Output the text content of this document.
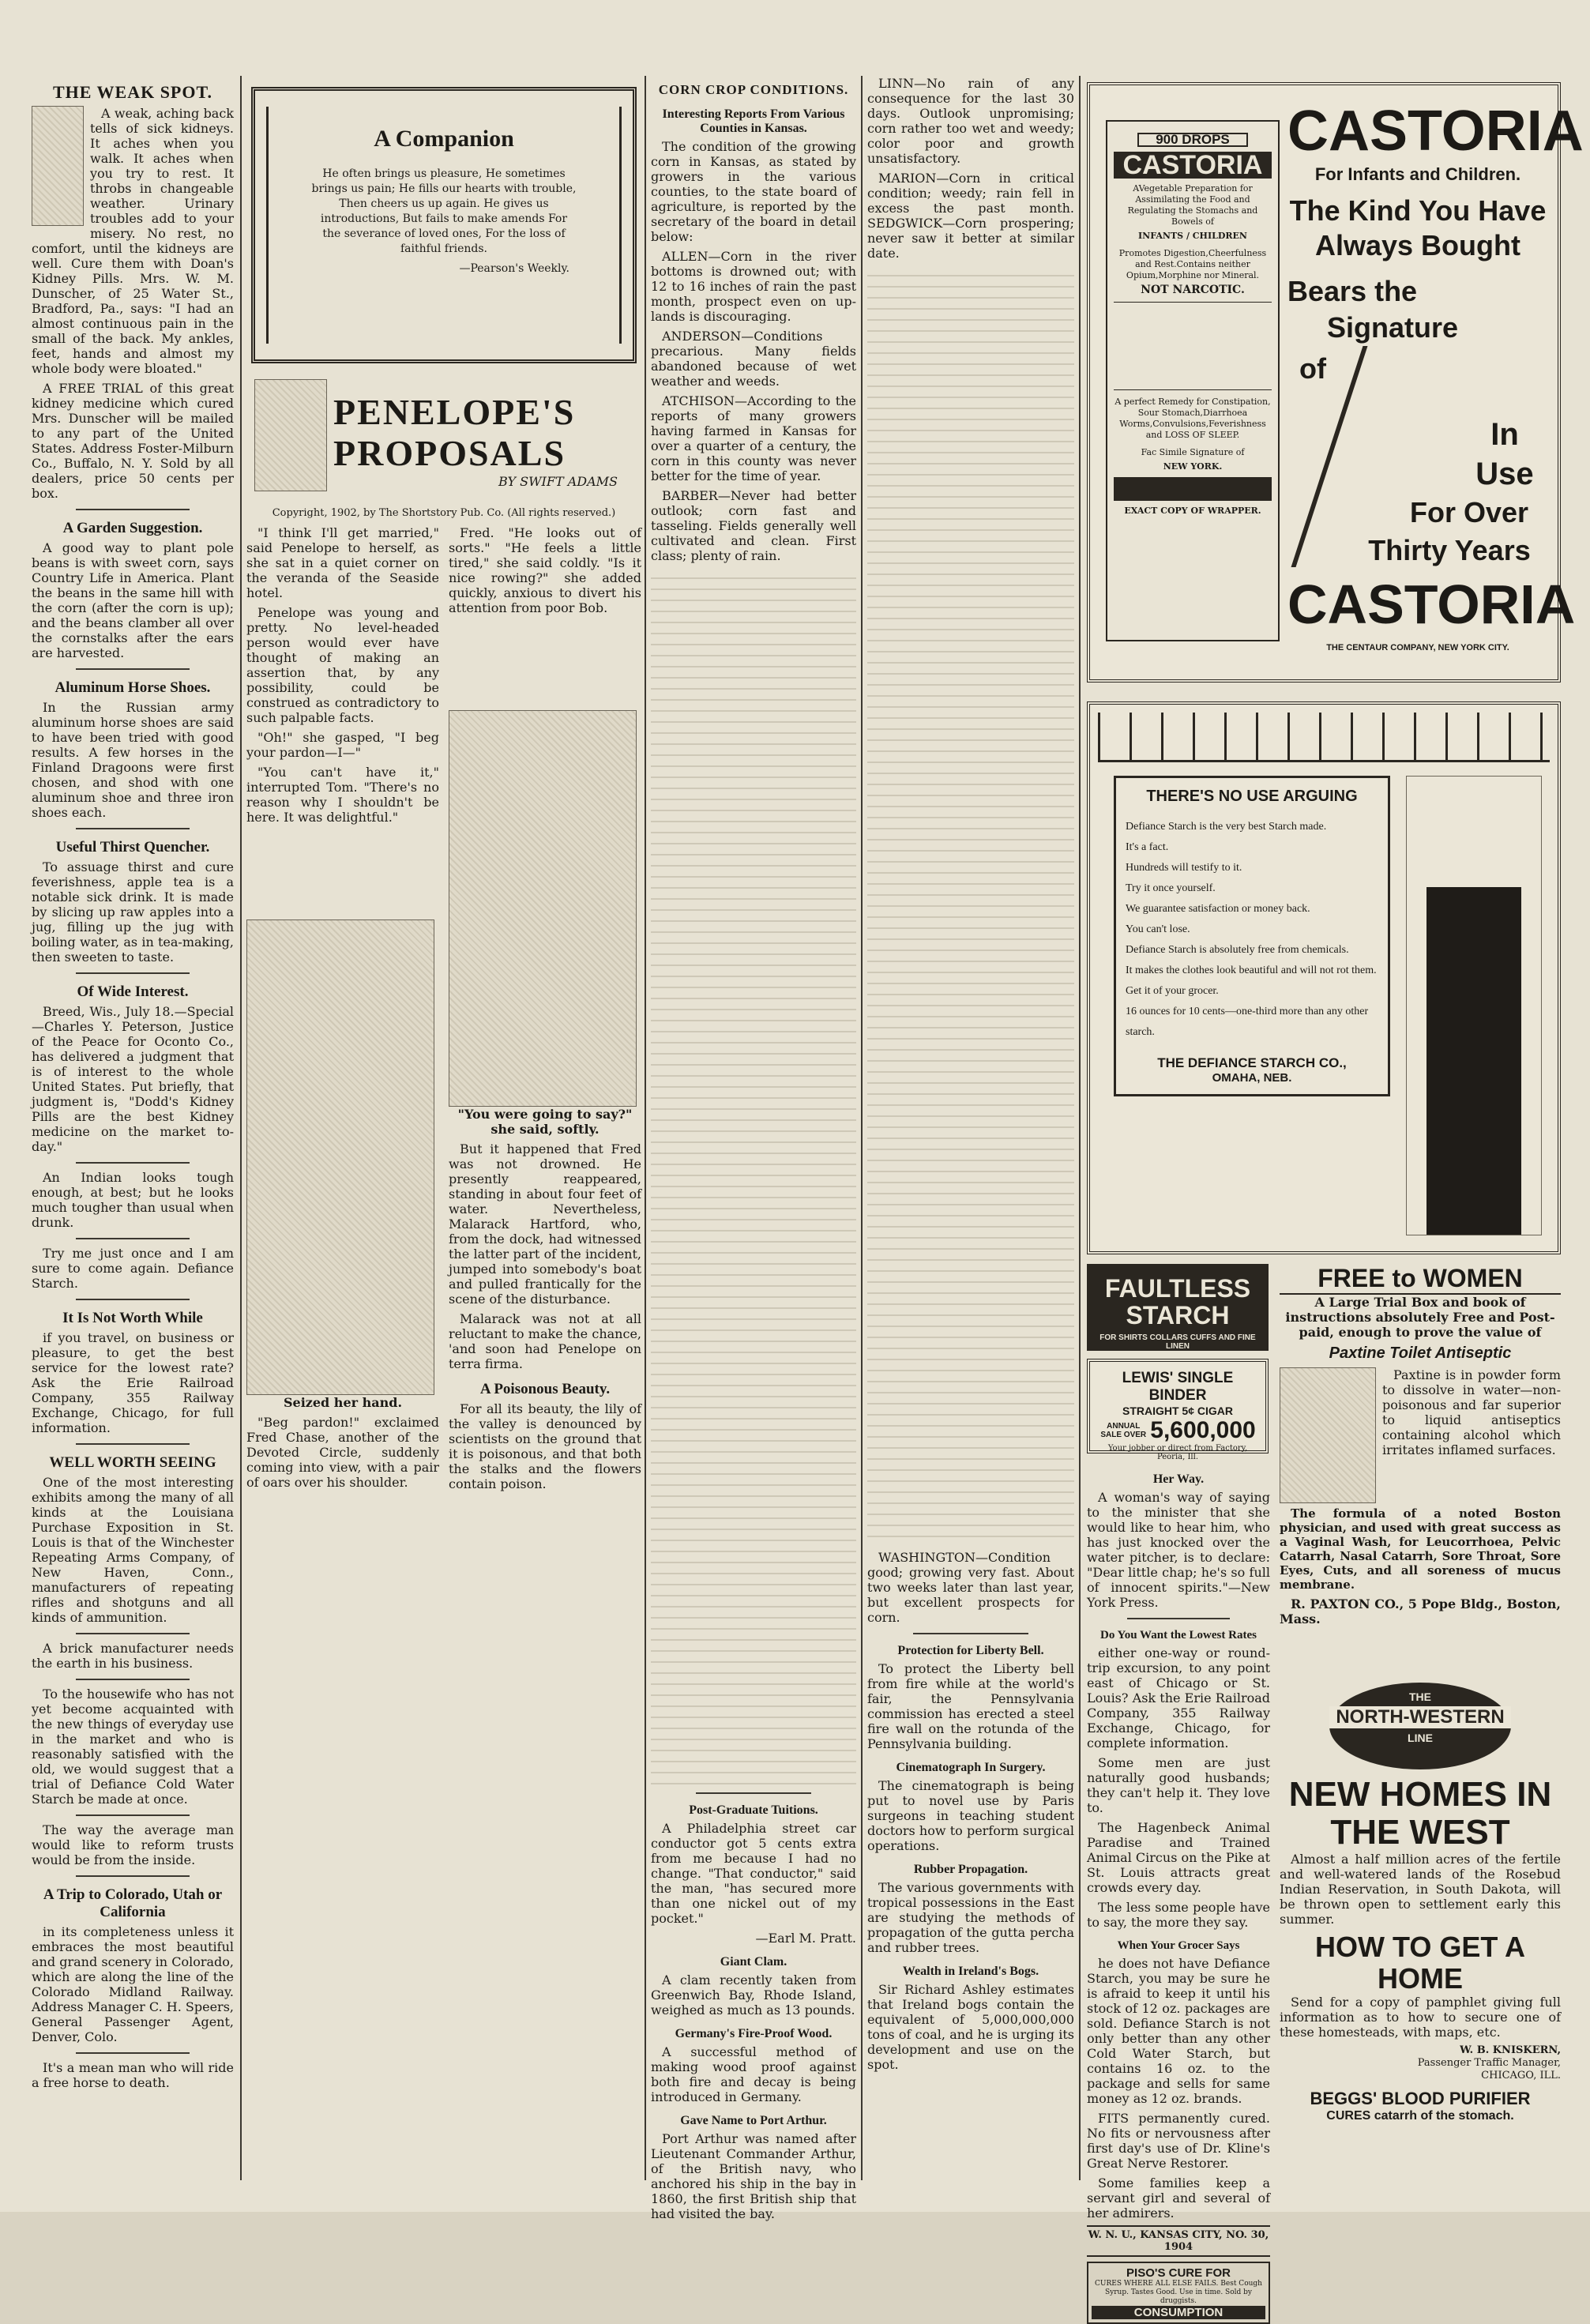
THE WEAK SPOT.

A weak, aching back tells of sick kidneys. It aches when you walk. It aches when you try to rest. It throbs in changeable weather. Urinary troubles add to your misery. No rest, no comfort, until the kidneys are well. Cure them with Doan's Kidney Pills. Mrs. W. M. Dunscher, of 25 Water St., Bradford, Pa., says: "I had an almost continuous pain in the small of the back. My ankles, feet, hands and almost my whole body were bloated."

A FREE TRIAL of this great kidney medicine which cured Mrs. Dunscher will be mailed to any part of the United States. Address Foster-Milburn Co., Buffalo, N. Y. Sold by all dealers, price 50 cents per box.

A Garden Suggestion.

A good way to plant pole beans is with sweet corn, says Country Life in America. Plant the beans in the same hill with the corn (after the corn is up); and the beans clamber all over the cornstalks after the ears are harvested.

Aluminum Horse Shoes.

In the Russian army aluminum horse shoes are said to have been tried with good results. A few horses in the Finland Dragoons were first chosen, and shod with one aluminum shoe and three iron shoes each.

Useful Thirst Quencher.

To assuage thirst and cure feverishness, apple tea is a notable sick drink. It is made by slicing up raw apples into a jug, filling up the jug with boiling water, as in tea-making, then sweeten to taste.

Of Wide Interest.

Breed, Wis., July 18.—Special—Charles Y. Peterson, Justice of the Peace for Oconto Co., has delivered a judgment that is of interest to the whole United States. Put briefly, that judgment is, "Dodd's Kidney Pills are the best Kidney medicine on the market to-day."

An Indian looks tough enough, at best; but he looks much tougher than usual when drunk.

Try me just once and I am sure to come again. Defiance Starch.

It Is Not Worth While

if you travel, on business or pleasure, to get the best service for the lowest rate? Ask the Erie Railroad Company, 355 Railway Exchange, Chicago, for full information.

WELL WORTH SEEING

One of the most interesting exhibits among the many of all kinds at the Louisiana Purchase Exposition in St. Louis is that of the Winchester Repeating Arms Company, of New Haven, Conn., manufacturers of repeating rifles and shotguns and all kinds of ammunition.

A brick manufacturer needs the earth in his business.

To the housewife who has not yet become acquainted with the new things of everyday use in the market and who is reasonably satisfied with the old, we would suggest that a trial of Defiance Cold Water Starch be made at once.

The way the average man would like to reform trusts would be from the inside.

A Trip to Colorado, Utah or California

in its completeness unless it embraces the most beautiful and grand scenery in Colorado, which are along the line of the Colorado Midland Railway. Address Manager C. H. Speers, General Passenger Agent, Denver, Colo.

It's a mean man who will ride a free horse to death.

A Companion

He often brings us pleasure, He sometimes brings us pain; He fills our hearts with trouble, Then cheers us up again. He gives us introductions, But fails to make amends For the severance of loved ones, For the loss of faithful friends.

—Pearson's Weekly.

PENELOPE'S PROPOSALS
BY SWIFT ADAMS

Copyright, 1902, by The Shortstory Pub. Co. (All rights reserved.)

"I think I'll get married," said Penelope to herself, as she sat in a quiet corner on the veranda of the Seaside hotel.

Penelope was young and pretty. No level-headed person would ever have thought of making an assertion that, by any possibility, could be construed as contradictory to such palpable facts.

"Oh!" she gasped, "I beg your pardon—I—"

"You can't have it," interrupted Tom. "There's no reason why I shouldn't be here. It was delightful."

Seized her hand.

"Beg pardon!" exclaimed Fred Chase, another of the Devoted Circle, suddenly coming into view, with a pair of oars over his shoulder.

Fred. "He looks out of sorts." "He feels a little tired," she said coldly. "Is it nice rowing?" she added quickly, anxious to divert his attention from poor Bob.

"You were going to say?" she said, softly.

But it happened that Fred was not drowned. He presently reappeared, standing in about four feet of water. Nevertheless, Malarack Hartford, who, from the dock, had witnessed the latter part of the incident, jumped into somebody's boat and pulled frantically for the scene of the disturbance.

Malarack was not at all reluctant to make the chance, 'and soon had Penelope on terra firma.

A Poisonous Beauty.

For all its beauty, the lily of the valley is denounced by scientists on the ground that it is poisonous, and that both the stalks and the flowers contain poison.

CORN CROP CONDITIONS.
Interesting Reports From Various Counties in Kansas.

The condition of the growing corn in Kansas, as stated by growers in the various counties, to the state board of agriculture, is reported by the secretary of the board in detail below:

ALLEN—Corn in the river bottoms is drowned out; with 12 to 16 inches of rain the past month, prospect even on up-lands is discouraging.

ANDERSON—Conditions precarious. Many fields abandoned because of wet weather and weeds.

ATCHISON—According to the reports of many growers having farmed in Kansas for over a quarter of a century, the corn in this county was never better for the time of year.

BARBER—Never had better outlook; corn fast and tasseling. Fields generally well cultivated and clean. First class; plenty of rain.

Post-Graduate Tuitions.

A Philadelphia street car conductor got 5 cents extra from me because I had no change. "That conductor," said the man, "has secured more than one nickel out of my pocket."

—Earl M. Pratt.

Giant Clam.

A clam recently taken from Greenwich Bay, Rhode Island, weighed as much as 13 pounds.

Germany's Fire-Proof Wood.

A successful method of making wood proof against both fire and decay is being introduced in Germany.

Gave Name to Port Arthur.

Port Arthur was named after Lieutenant Commander Arthur, of the British navy, who anchored his ship in the bay in 1860, the first British ship that had visited the bay.

LINN—No rain of any consequence for the last 30 days. Outlook unpromising; corn rather too wet and weedy; color poor and growth unsatisfactory.

MARION—Corn in critical condition; weedy; rain fell in excess the past month. SEDGWICK—Corn prospering; never saw it better at similar date.

WASHINGTON—Condition good; growing very fast. About two weeks later than last year, but excellent prospects for corn.

Protection for Liberty Bell.

To protect the Liberty bell from fire while at the world's fair, the Pennsylvania commission has erected a steel fire wall on the rotunda of the Pennsylvania building.

Cinematograph In Surgery.

The cinematograph is being put to novel use by Paris surgeons in teaching student doctors how to perform surgical operations.

Rubber Propagation.

The various governments with tropical possessions in the East are studying the methods of propagation of the gutta percha and rubber trees.

Wealth in Ireland's Bogs.

Sir Richard Ashley estimates that Ireland bogs contain the equivalent of 5,000,000,000 tons of coal, and he is urging its development and use on the spot.

900 DROPS
CASTORIA
AVegetable Preparation for Assimilating the Food and Regulating the Stomachs and Bowels of
INFANTS / CHILDREN
Promotes Digestion,Cheerfulness and Rest.Contains neither Opium,Morphine nor Mineral.
NOT NARCOTIC.
A perfect Remedy for Constipation, Sour Stomach,Diarrhoea Worms,Convulsions,Feverishness and LOSS OF SLEEP.
Fac Simile Signature of
NEW YORK.
EXACT COPY OF WRAPPER.
CASTORIA
For Infants and Children.
The Kind You Have
Always Bought
Bears the
Signature
of
In
Use
For Over
Thirty Years
CASTORIA
THE CENTAUR COMPANY, NEW YORK CITY.
THERE'S NO USE ARGUING
Defiance Starch is the very best Starch made.
It's a fact.
Hundreds will testify to it.
Try it once yourself.
We guarantee satisfaction or money back.
You can't lose.
Defiance Starch is absolutely free from chemicals.
It makes the clothes look beautiful and will not rot them.
Get it of your grocer.
16 ounces for 10 cents—one-third more than any other starch.
THE DEFIANCE STARCH CO.,
OMAHA, NEB.
FAULTLESS STARCH
FOR SHIRTS COLLARS CUFFS AND FINE LINEN
LEWIS' SINGLE BINDER
STRAIGHT 5¢ CIGAR
ANNUAL SALE OVER 5,600,000
Your jobber or direct from Factory, Peoria, Ill.
Her Way.

A woman's way of saying to the minister that she would like to hear him, who has just knocked over the water pitcher, is to declare: "Dear little chap; he's so full of innocent spirits."—New York Press.

Do You Want the Lowest Rates

either one-way or round-trip excursion, to any point east of Chicago or St. Louis? Ask the Erie Railroad Company, 355 Railway Exchange, Chicago, for complete information.

Some men are just naturally good husbands; they can't help it. They love to.

The Hagenbeck Animal Paradise and Trained Animal Circus on the Pike at St. Louis attracts great crowds every day.

The less some people have to say, the more they say.

When Your Grocer Says

he does not have Defiance Starch, you may be sure he is afraid to keep it until his stock of 12 oz. packages are sold. Defiance Starch is not only better than any other Cold Water Starch, but contains 16 oz. to the package and sells for same money as 12 oz. brands.

FITS permanently cured. No fits or nervousness after first day's use of Dr. Kline's Great Nerve Restorer.

Some families keep a servant girl and several of her admirers.

W. N. U., KANSAS CITY, NO. 30, 1904
PISO'S CURE FOR
CURES WHERE ALL ELSE FAILS. Best Cough Syrup. Tastes Good. Use in time. Sold by druggists.
CONSUMPTION
FREE to WOMEN

A Large Trial Box and book of instructions absolutely Free and Post-paid, enough to prove the value of

Paxtine Toilet Antiseptic

Paxtine is in powder form to dissolve in water—non-poisonous and far superior to liquid antiseptics containing alcohol which irritates inflamed surfaces.

The formula of a noted Boston physician, and used with great success as a Vaginal Wash, for Leucorrhoea, Pelvic Catarrh, Nasal Catarrh, Sore Throat, Sore Eyes, Cuts, and all soreness of mucus membrane.

R. PAXTON CO., 5 Pope Bldg., Boston, Mass.

THE
NORTH-WESTERN
LINE
NEW HOMES IN THE WEST

Almost a half million acres of the fertile and well-watered lands of the Rosebud Indian Reservation, in South Dakota, will be thrown open to settlement early this summer.

HOW TO GET A HOME

Send for a copy of pamphlet giving full information as to how to secure one of these homesteads, with maps, etc.

W. B. KNISKERN,
Passenger Traffic Manager,
CHICAGO, ILL.
BEGGS' BLOOD PURIFIER
CURES catarrh of the stomach.
